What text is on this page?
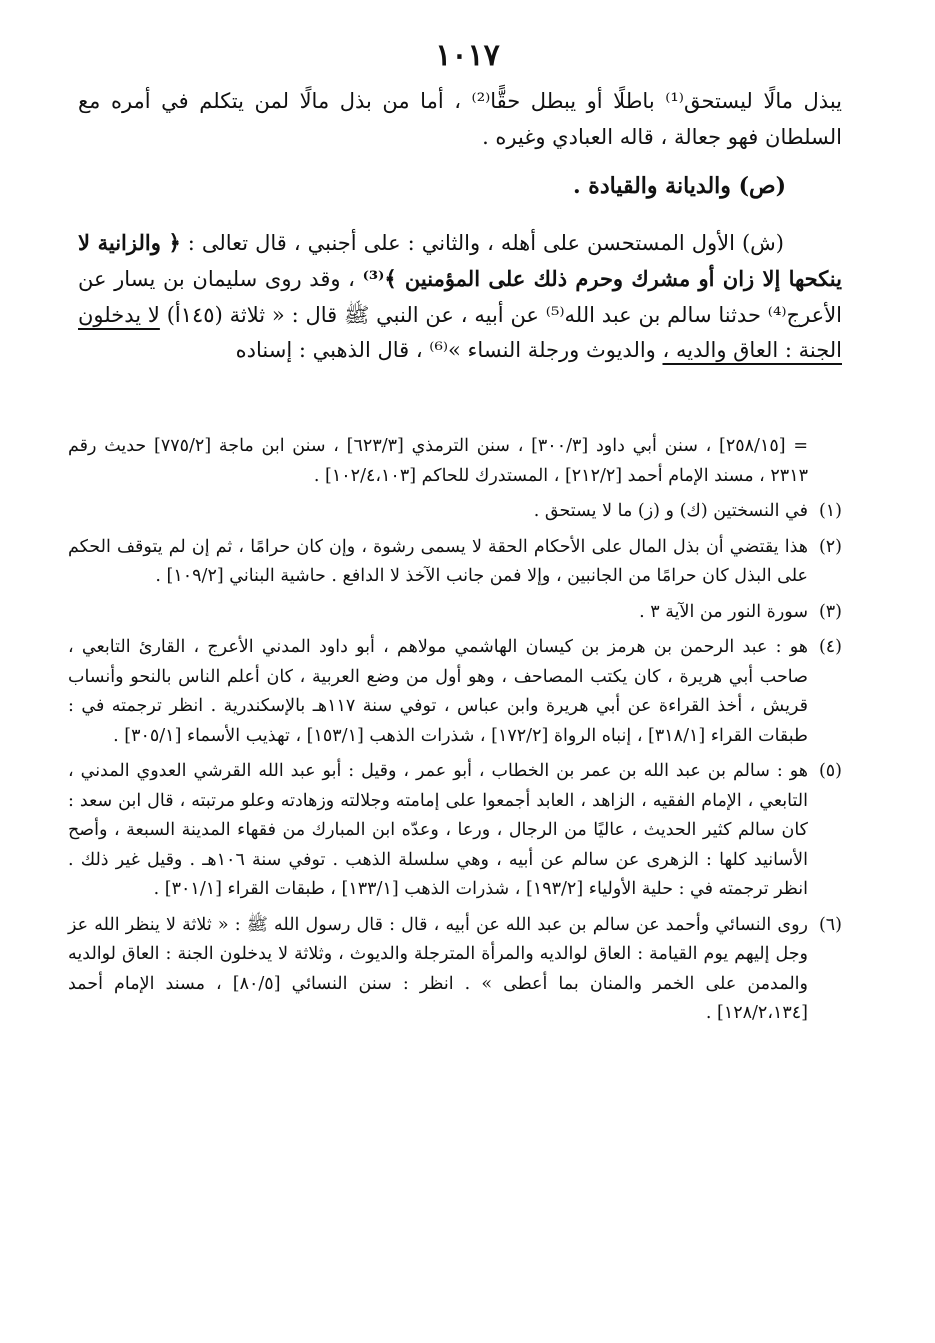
١٠١٧

يبذل مالًا ليستحق⁽¹⁾ باطلًا أو يبطل حقًّا⁽²⁾ ، أما من بذل مالًا لمن يتكلم في أمره مع السلطان فهو جعالة ، قاله العبادي وغيره .

(ص) والديانة والقيادة .

(ش) الأول المستحسن على أهله ، والثاني : على أجنبي ، قال تعالى : ﴿ والزانية لا ينكحها إلا زان أو مشرك وحرم ذلك على المؤمنين ﴾⁽³⁾ ، وقد روى سليمان بن يسار عن الأعرج⁽⁴⁾ حدثنا سالم بن عبد الله⁽⁵⁾ عن أبيه ، عن النبي ﷺ قال : « ثلاثة (١٤٥أ) لا يدخلون الجنة : العاق والديه ، والديوث ورجلة النساء »⁽⁶⁾ ، قال الذهبي : إسناده

= [٢٥٨/١٥] ، سنن أبي داود [٣٠٠/٣] ، سنن الترمذي [٦٢٣/٣] ، سنن ابن ماجة [٧٧٥/٢] حديث رقم ٢٣١٣ ، مسند الإمام أحمد [٢١٢/٢] ، المستدرك للحاكم [١٠٢/٤،١٠٣] .

(١)
في النسختين (ك) و (ز) ما لا يستحق .
(٢)
هذا يقتضي أن بذل المال على الأحكام الحقة لا يسمى رشوة ، وإن كان حرامًا ، ثم إن لم يتوقف الحكم على البذل كان حرامًا من الجانبين ، وإلا فمن جانب الآخذ لا الدافع . حاشية البناني [١٠٩/٢] .
(٣)
سورة النور من الآية ٣ .
(٤)
هو : عبد الرحمن بن هرمز بن كيسان الهاشمي مولاهم ، أبو داود المدني الأعرج ، القارئ التابعي ، صاحب أبي هريرة ، كان يكتب المصاحف ، وهو أول من وضع العربية ، كان أعلم الناس بالنحو وأنساب قريش ، أخذ القراءة عن أبي هريرة وابن عباس ، توفي سنة ١١٧هـ بالإسكندرية . انظر ترجمته في : طبقات القراء [٣١٨/١] ، إنباه الرواة [١٧٢/٢] ، شذرات الذهب [١٥٣/١] ، تهذيب الأسماء [٣٠٥/١] .
(٥)
هو : سالم بن عبد الله بن عمر بن الخطاب ، أبو عمر ، وقيل : أبو عبد الله القرشي العدوي المدني ، التابعي ، الإمام الفقيه ، الزاهد ، العابد أجمعوا على إمامته وجلالته وزهادته وعلو مرتبته ، قال ابن سعد : كان سالم كثير الحديث ، عاليًا من الرجال ، ورعا ، وعدّه ابن المبارك من فقهاء المدينة السبعة ، وأصح الأسانيد كلها : الزهرى عن سالم عن أبيه ، وهي سلسلة الذهب . توفي سنة ١٠٦هـ . وقيل غير ذلك . انظر ترجمته في : حلية الأولياء [١٩٣/٢] ، شذرات الذهب [١٣٣/١] ، طبقات القراء [٣٠١/١] .
(٦)
روى النسائي وأحمد عن سالم بن عبد الله عن أبيه ، قال : قال رسول الله ﷺ : « ثلاثة لا ينظر الله عز وجل إليهم يوم القيامة : العاق لوالديه والمرأة المترجلة والديوث ، وثلاثة لا يدخلون الجنة : العاق لوالديه والمدمن على الخمر والمنان بما أعطى » . انظر : سنن النسائي [٨٠/٥] ، مسند الإمام أحمد [١٢٨/٢،١٣٤] .
